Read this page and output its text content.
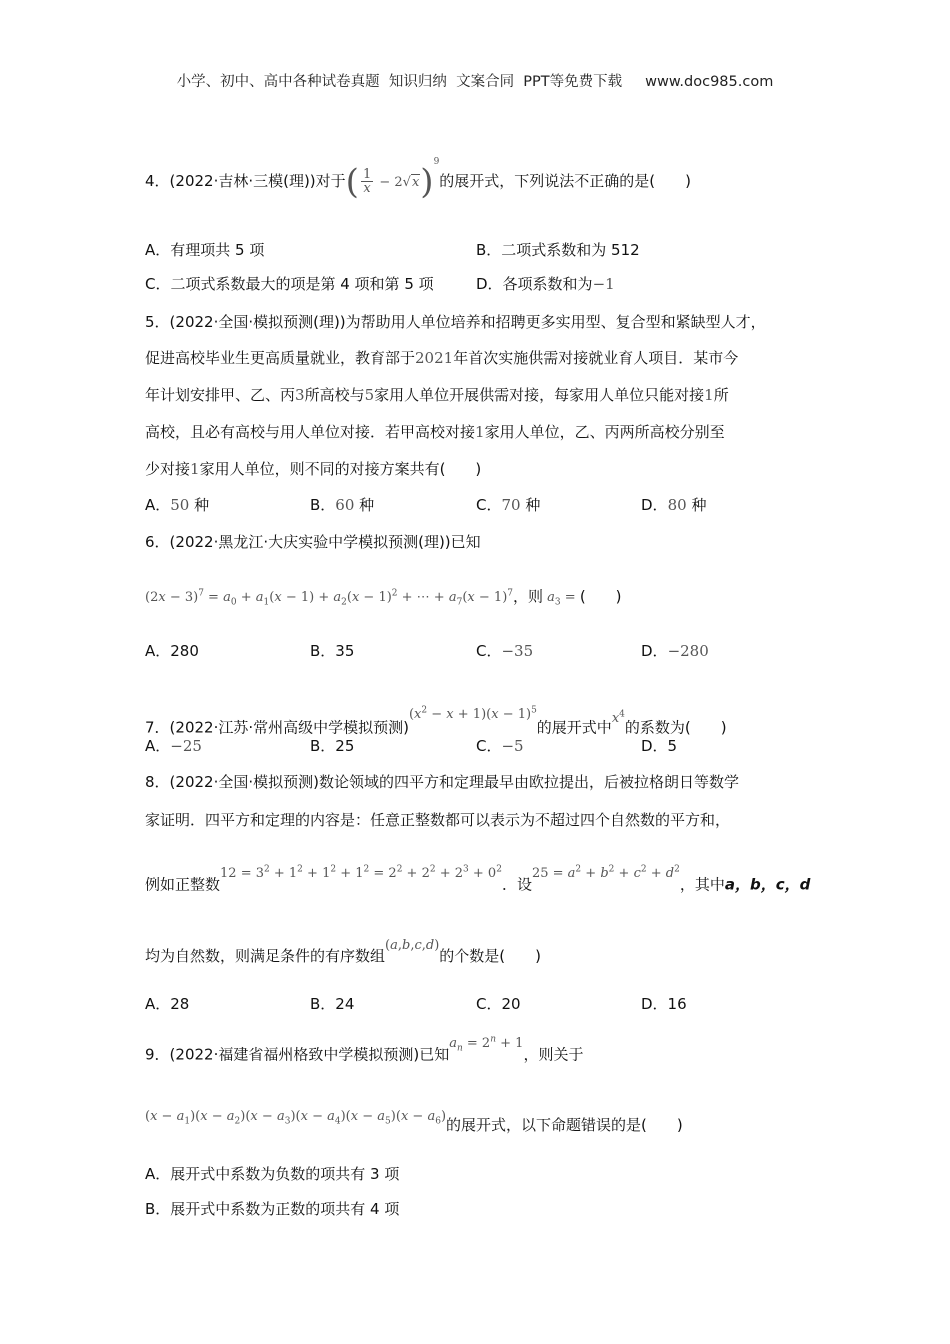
小学、初中、高中各种试卷真题  知识归纳  文案合同  PPT等免费下载     www.doc985.com
4．(2022·吉林·三模(理))对于( $\frac{1}{x} - 2√x)^9$的展开式，下列说法不正确的是(　　)
A．有理项共 5 项	B．二项式系数和为 512
C．二项式系数最大的项是第 4 项和第 5 项	D．各项系数和为−1
5．(2022·全国·模拟预测(理))为帮助用人单位培养和招聘更多实用型、复合型和紧缺型人才，
促进高校毕业生更高质量就业，教育部于2021年首次实施供需对接就业育人项目．某市今
年计划安排甲、乙、丙3所高校与5家用人单位开展供需对接，每家用人单位只能对接1所
高校，且必有高校与用人单位对接．若甲高校对接1家用人单位，乙、丙两所高校分别至
少对接1家用人单位，则不同的对接方案共有(　　)
A．50 种	B．60 种	C．70 种	D．80 种
6．(2022·黑龙江·大庆实验中学模拟预测(理))已知
$(2x - 3)^7 = a_0 + a_1(x - 1) + a_2(x - 1)^2$ + ⋯ + $a_7(x - 1)^7$，则 $a_3$ = (　　)
A．280	B．35	C．−35	D．−280
7．(2022·江苏·常州高级中学模拟预测)$(x^2 - x + 1)(x - 1)^5$的展开式中$x^4$的系数为(　　)
A．−25	B．25	C．−5	D．5
8．(2022·全国·模拟预测)数论领域的四平方和定理最早由欧拉提出，后被拉格朗日等数学
家证明．四平方和定理的内容是：任意正整数都可以表示为不超过四个自然数的平方和，
例如正整数$12 = 3^2 + 1^2 + 1^2 + 1^2 = 2^2 + 2^2 + 2^3 + 0^2$．设$25 = a^2 + b^2 + c^2 + d^2$，其中a，b，c，d
均为自然数，则满足条件的有序数组(a,b,c,d)的个数是(　　)
A．28	B．24	C．20	D．16
9．(2022·福建省福州格致中学模拟预测)已知$a_n = 2^n + 1$，则关于
$(x - a_1)(x - a_2)(x - a_3)(x - a_4)(x - a_5)(x - a_6)$的展开式，以下命题错误的是(　　)
A．展开式中系数为负数的项共有 3 项
B．展开式中系数为正数的项共有 4 项
